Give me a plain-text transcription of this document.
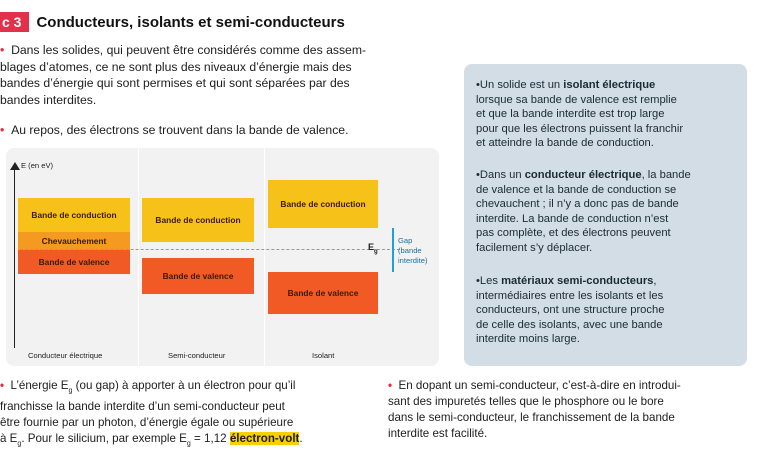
c 3	Conducteurs, isolants et semi-conducteurs
• Dans les solides, qui peuvent être considérés comme des assem-
blages d’atomes, ce ne sont plus des niveaux d’énergie mais des
bandes d’énergie qui sont permises et qui sont séparées par des
bandes interdites.
• Au repos, des électrons se trouvent dans la bande de valence.
E (en eV)
Bande de conduction
Chevauchement
Bande de valence
Conducteur électrique
Bande de conduction
Bande de valence
Semi-conducteur
Bande de conduction
Bande de valence
Isolant
$E_g$
Gap
(bande
interdite)
•Un solide est un isolant électrique
lorsque sa bande de valence est remplie
et que la bande interdite est trop large
pour que les électrons puissent la franchir
et atteindre la bande de conduction.
•Dans un conducteur électrique, la bande
de valence et la bande de conduction se
chevauchent ; il n’y a donc pas de bande
interdite. La bande de conduction n’est
pas complète, et des électrons peuvent
facilement s’y déplacer.
•Les matériaux semi-conducteurs,
intermédiaires entre les isolants et les
conducteurs, ont une structure proche
de celle des isolants, avec une bande
interdite moins large.
• L’énergie $E_g$ (ou gap) à apporter à un électron pour qu’il
franchisse la bande interdite d’un semi-conducteur peut
être fournie par un photon, d’énergie égale ou supérieure
à $E_g$. Pour le silicium, par exemple $E_g = 1,12$ électron-volt.
• En dopant un semi-conducteur, c’est-à-dire en introdui-
sant des impuretés telles que le phosphore ou le bore
dans le semi-conducteur, le franchissement de la bande
interdite est facilité.
